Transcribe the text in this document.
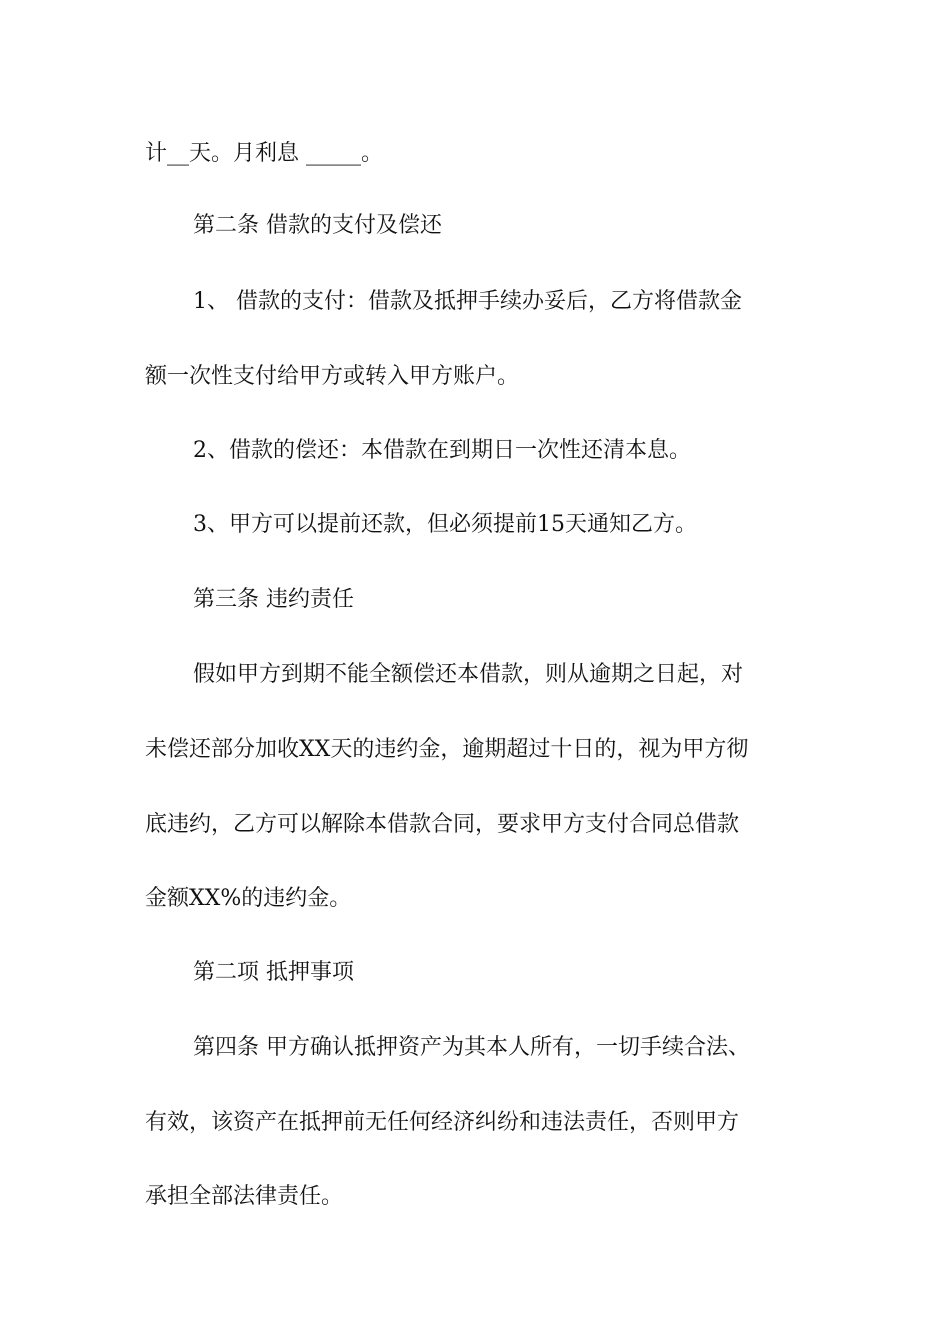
计__天。月利息 _____。
第二条 借款的支付及偿还
1、 借款的支付：借款及抵押手续办妥后，乙方将借款金
额一次性支付给甲方或转入甲方账户。
2、借款的偿还：本借款在到期日一次性还清本息。
3、甲方可以提前还款，但必须提前15天通知乙方。
第三条 违约责任
假如甲方到期不能全额偿还本借款，则从逾期之日起，对
未偿还部分加收XX天的违约金，逾期超过十日的，视为甲方彻
底违约，乙方可以解除本借款合同，要求甲方支付合同总借款
金额XX%的违约金。
第二项 抵押事项
第四条 甲方确认抵押资产为其本人所有，一切手续合法、
有效，该资产在抵押前无任何经济纠纷和违法责任，否则甲方
承担全部法律责任。
